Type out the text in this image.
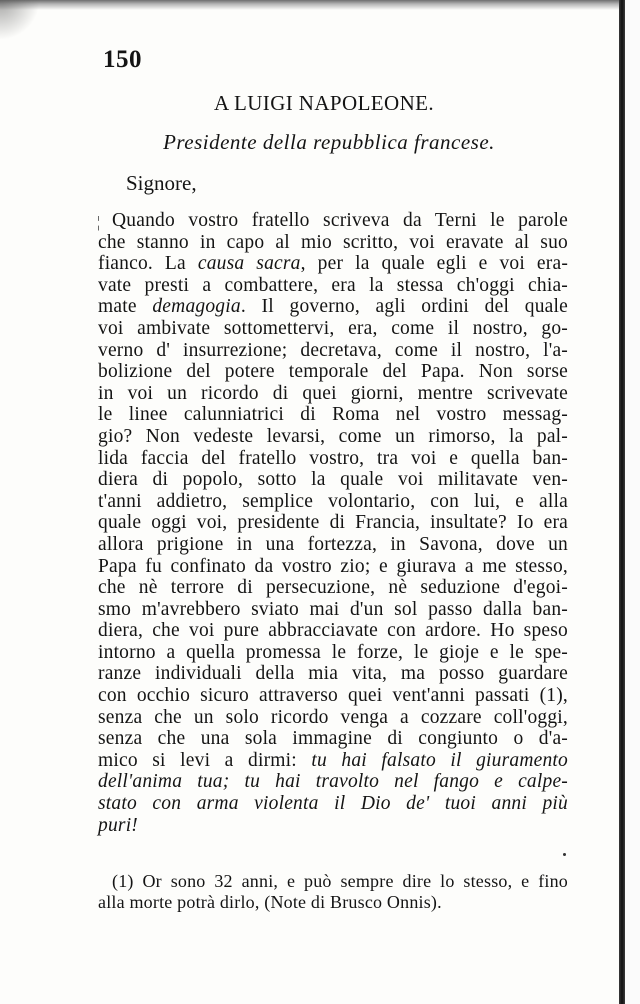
150
A LUIGI NAPOLEONE.
Presidente della repubblica francese.
Signore,
¦ Quando vostro fratello scriveva da Terni le parole
che stanno in capo al mio scritto, voi eravate al suo
fianco. La causa sacra, per la quale egli e voi era-
vate presti a combattere, era la stessa ch'oggi chia-
mate demagogia. Il governo, agli ordini del quale
voi ambivate sottomettervi, era, come il nostro, go-
verno d' insurrezione; decretava, come il nostro, l'a-
bolizione del potere temporale del Papa. Non sorse
in voi un ricordo di quei giorni, mentre scrivevate
le linee calunniatrici di Roma nel vostro messag-
gio? Non vedeste levarsi, come un rimorso, la pal-
lida faccia del fratello vostro, tra voi e quella ban-
diera di popolo, sotto la quale voi militavate ven-
t'anni addietro, semplice volontario, con lui, e alla
quale oggi voi, presidente di Francia, insultate? Io era
allora prigione in una fortezza, in Savona, dove un
Papa fu confinato da vostro zio; e giurava a me stesso,
che nè terrore di persecuzione, nè seduzione d'egoi-
smo m'avrebbero sviato mai d'un sol passo dalla ban-
diera, che voi pure abbracciavate con ardore. Ho speso
intorno a quella promessa le forze, le gioje e le spe-
ranze individuali della mia vita, ma posso guardare
con occhio sicuro attraverso quei vent'anni passati (1),
senza che un solo ricordo venga a cozzare coll'oggi,
senza che una sola immagine di congiunto o d'a-
mico si levi a dirmi: tu hai falsato il giuramento
dell'anima tua; tu hai travolto nel fango e calpe-
stato con arma violenta il Dio de' tuoi anni più
puri!
(1) Or sono 32 anni, e può sempre dire lo stesso, e fino
alla morte potrà dirlo, (Note di Brusco Onnis).
